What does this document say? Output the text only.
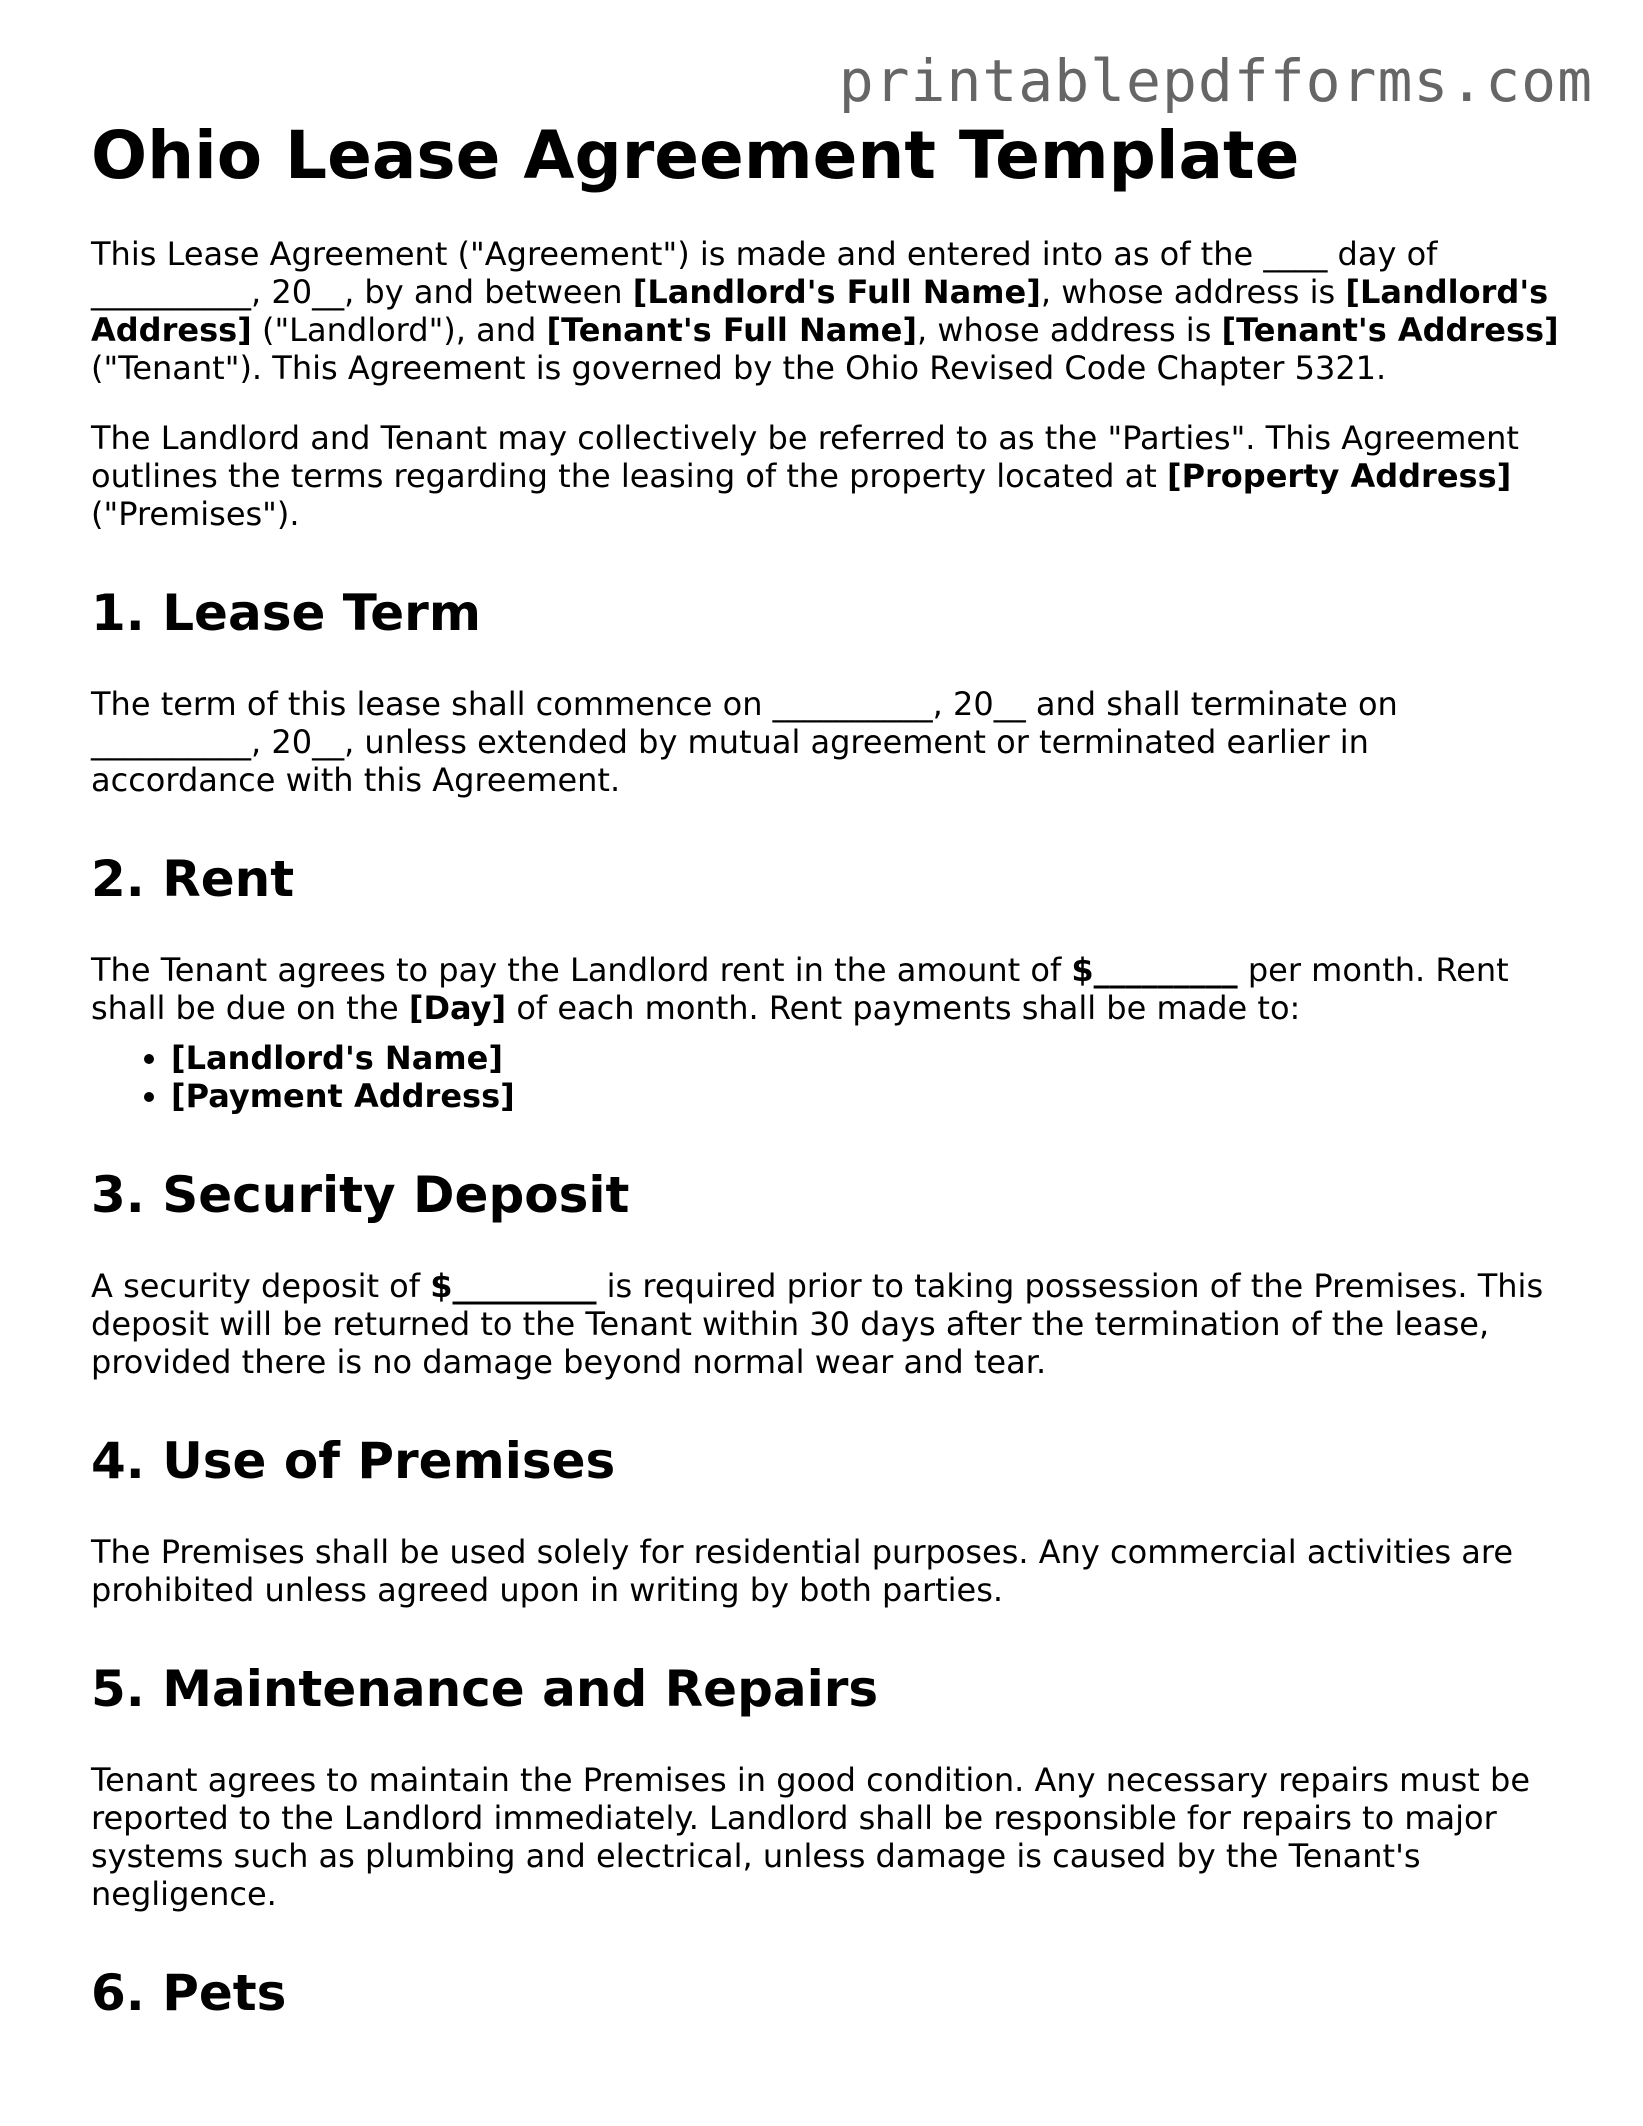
printablepdfforms.com
Ohio Lease Agreement Template

This Lease Agreement ("Agreement") is made and entered into as of the ____ day of __________, 20__, by and between [Landlord's Full Name], whose address is [Landlord's Address] ("Landlord"), and [Tenant's Full Name], whose address is [Tenant's Address] ("Tenant"). This Agreement is governed by the Ohio Revised Code Chapter 5321.

The Landlord and Tenant may collectively be referred to as the "Parties". This Agreement outlines the terms regarding the leasing of the property located at [Property Address] ("Premises").

1. Lease Term

The term of this lease shall commence on __________, 20__ and shall terminate on __________, 20__, unless extended by mutual agreement or terminated earlier in accordance with this Agreement.

2. Rent

The Tenant agrees to pay the Landlord rent in the amount of $_________ per month. Rent shall be due on the [Day] of each month. Rent payments shall be made to:

• [Landlord's Name]
• [Payment Address]
3. Security Deposit

A security deposit of $_________ is required prior to taking possession of the Premises. This deposit will be returned to the Tenant within 30 days after the termination of the lease, provided there is no damage beyond normal wear and tear.

4. Use of Premises

The Premises shall be used solely for residential purposes. Any commercial activities are prohibited unless agreed upon in writing by both parties.

5. Maintenance and Repairs

Tenant agrees to maintain the Premises in good condition. Any necessary repairs must be reported to the Landlord immediately. Landlord shall be responsible for repairs to major systems such as plumbing and electrical, unless damage is caused by the Tenant's negligence.

6. Pets
